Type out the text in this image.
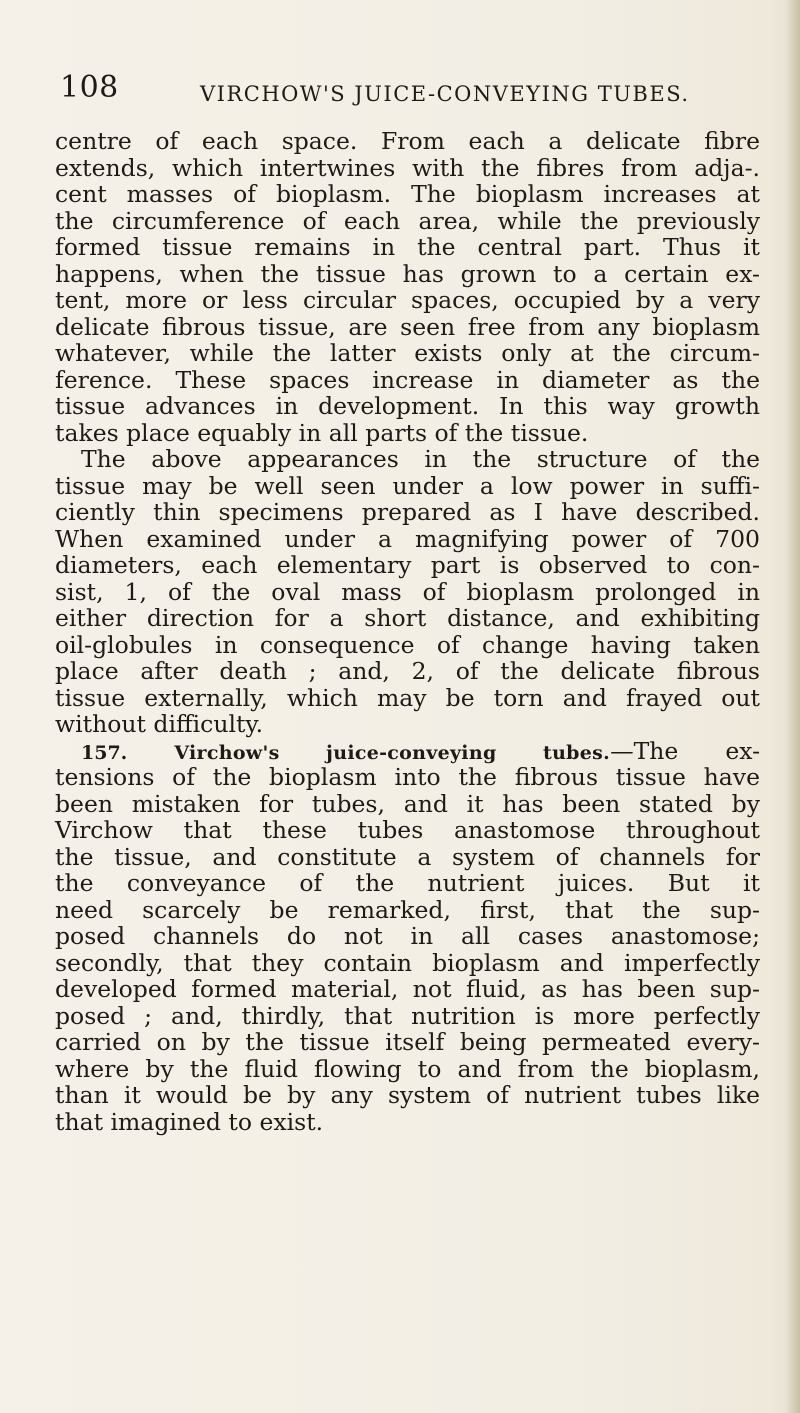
108	VIRCHOW'S JUICE-CONVEYING TUBES.
centre of each space. From each a delicate fibre
extends, which intertwines with the fibres from adja-.
cent masses of bioplasm. The bioplasm increases at
the circumference of each area, while the previously
formed tissue remains in the central part. Thus it
happens, when the tissue has grown to a certain ex-
tent, more or less circular spaces, occupied by a very
delicate fibrous tissue, are seen free from any bioplasm
whatever, while the latter exists only at the circum-
ference. These spaces increase in diameter as the
tissue advances in development. In this way growth
takes place equably in all parts of the tissue.
The above appearances in the structure of the
tissue may be well seen under a low power in suffi-
ciently thin specimens prepared as I have described.
When examined under a magnifying power of 700
diameters, each elementary part is observed to con-
sist, 1, of the oval mass of bioplasm prolonged in
either direction for a short distance, and exhibiting
oil-globules in consequence of change having taken
place after death ; and, 2, of the delicate fibrous
tissue externally, which may be torn and frayed out
without difficulty.
157. Virchow's juice-conveying tubes.—The ex-
tensions of the bioplasm into the fibrous tissue have
been mistaken for tubes, and it has been stated by
Virchow that these tubes anastomose throughout
the tissue, and constitute a system of channels for
the conveyance of the nutrient juices. But it
need scarcely be remarked, first, that the sup-
posed channels do not in all cases anastomose;
secondly, that they contain bioplasm and imperfectly
developed formed material, not fluid, as has been sup-
posed ; and, thirdly, that nutrition is more perfectly
carried on by the tissue itself being permeated every-
where by the fluid flowing to and from the bioplasm,
than it would be by any system of nutrient tubes like
that imagined to exist.
